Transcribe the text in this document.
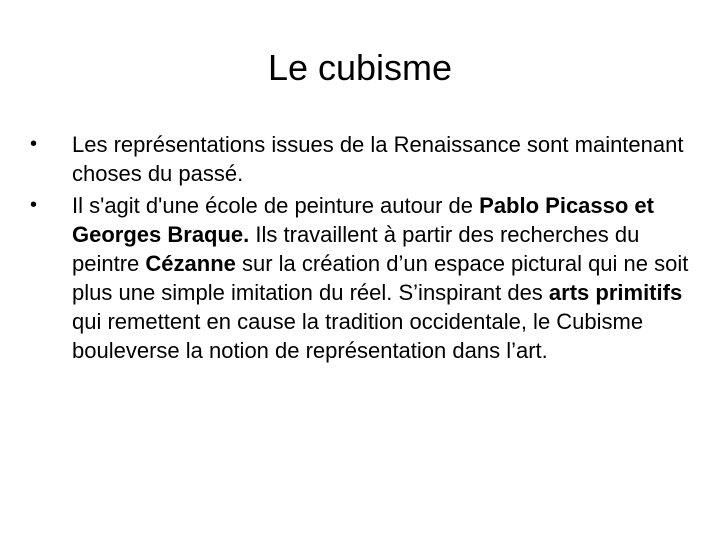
Le cubisme
•	Les représentations issues de la Renaissance sont maintenant choses du passé.
•	Il s'agit d'une école de peinture autour de Pablo Picasso et Georges Braque. Ils travaillent à partir des recherches du peintre Cézanne sur la création d’un espace pictural qui ne soit plus une simple imitation du réel. S’inspirant des arts primitifs qui remettent en cause la tradition occidentale, le Cubisme bouleverse la notion de représentation dans l’art.
